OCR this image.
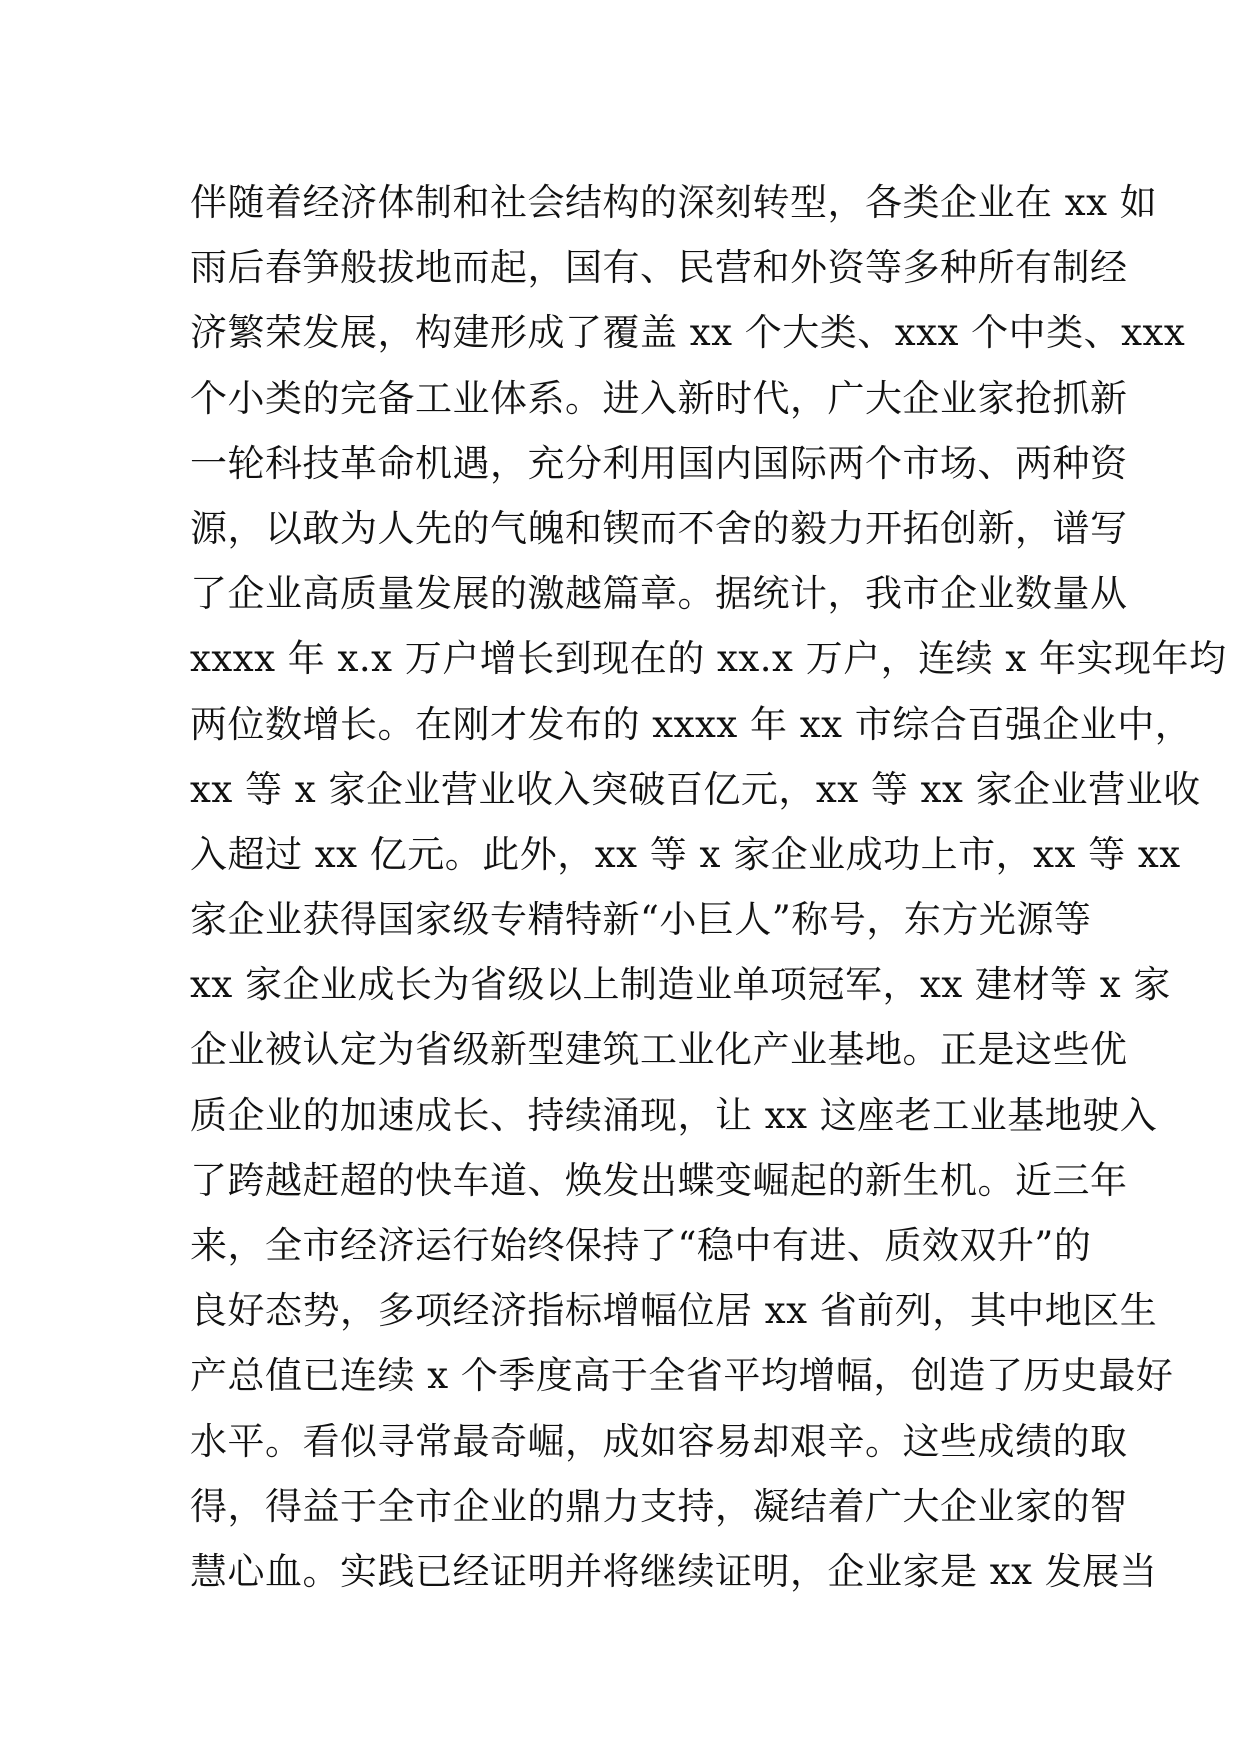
伴随着经济体制和社会结构的深刻转型，各类企业在 xx 如
雨后春笋般拔地而起，国有、民营和外资等多种所有制经
济繁荣发展，构建形成了覆盖 xx 个大类、xxx 个中类、xxx
个小类的完备工业体系。进入新时代，广大企业家抢抓新
一轮科技革命机遇，充分利用国内国际两个市场、两种资
源，以敢为人先的气魄和锲而不舍的毅力开拓创新，谱写
了企业高质量发展的激越篇章。据统计，我市企业数量从
xxxx 年 x.x 万户增长到现在的 xx.x 万户，连续 x 年实现年均
两位数增长。在刚才发布的 xxxx 年 xx 市综合百强企业中，
xx 等 x 家企业营业收入突破百亿元，xx 等 xx 家企业营业收
入超过 xx 亿元。此外，xx 等 x 家企业成功上市，xx 等 xx
家企业获得国家级专精特新“小巨人”称号，东方光源等
xx 家企业成长为省级以上制造业单项冠军，xx 建材等 x 家
企业被认定为省级新型建筑工业化产业基地。正是这些优
质企业的加速成长、持续涌现，让 xx 这座老工业基地驶入
了跨越赶超的快车道、焕发出蝶变崛起的新生机。近三年
来，全市经济运行始终保持了“稳中有进、质效双升”的
良好态势，多项经济指标增幅位居 xx 省前列，其中地区生
产总值已连续 x 个季度高于全省平均增幅，创造了历史最好
水平。看似寻常最奇崛，成如容易却艰辛。这些成绩的取
得，得益于全市企业的鼎力支持，凝结着广大企业家的智
慧心血。实践已经证明并将继续证明，企业家是 xx 发展当
